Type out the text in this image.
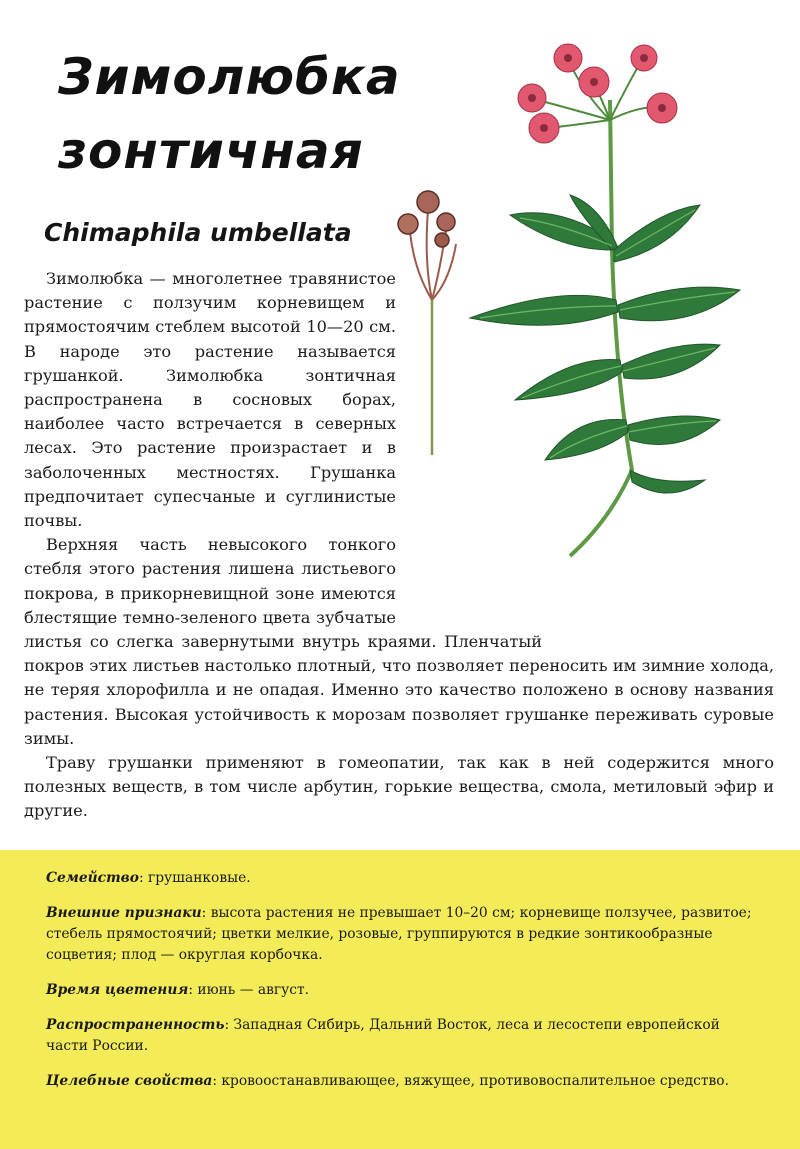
Зимолюбка
зонтичная
Chimaphila umbellata

Зимолюбка — многолетнее травянистое растение с ползучим корневищем и прямостоячим стеблем высотой 10—20 см. В народе это растение называется грушанкой. Зимолюбка зонтичная распространена в сосновых борах, наиболее часто встречается в северных лесах. Это растение произрастает и в заболоченных местностях. Грушанка предпочитает супесчаные и суглинистые почвы.

Верхняя часть невысокого тонкого стебля этого растения лишена листьевого покрова, в прикорневищной зоне имеются блестящие темно-зеленого цвета зубчатые листья со слегка завернутыми внутрь краями. Пленчатый покров этих листьев настолько плотный, что позволяет переносить им зимние холода, не теряя хлорофилла и не опадая. Именно это качество положено в основу названия растения. Высокая устойчивость к морозам позволяет грушанке переживать суровые зимы.

Траву грушанки применяют в гомеопатии, так как в ней содержится много полезных веществ, в том числе арбутин, горькие вещества, смола, метиловый эфир и другие.

Семейство: грушанковые.

Внешние признаки: высота растения не превышает 10–20 см; корневище ползучее, развитое; стебель прямостоячий; цветки мелкие, розовые, группируются в редкие зонтикообразные соцветия; плод — округлая корбочка.

Время цветения: июнь — август.

Распространенность: Западная Сибирь, Дальний Восток, леса и лесостепи европейской части России.

Целебные свойства: кровоостанавливающее, вяжущее, противовоспалительное средство.
